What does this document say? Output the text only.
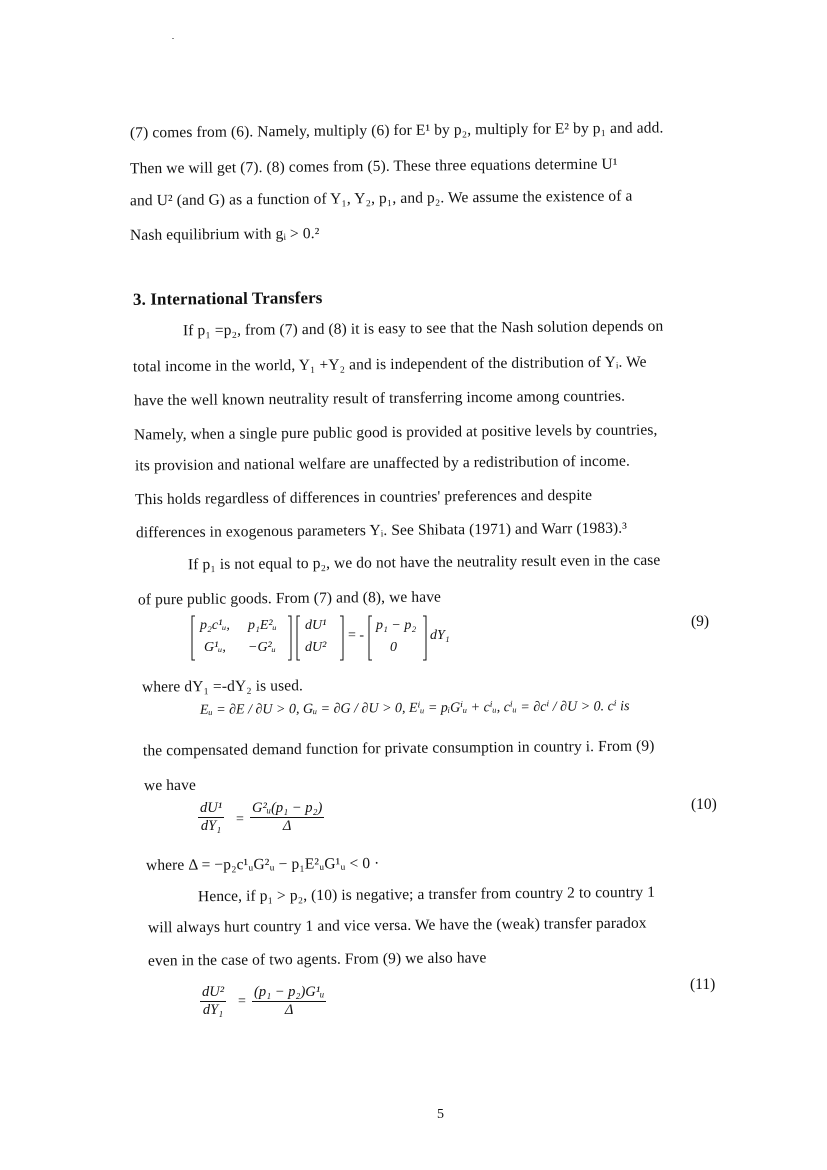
(7) comes from (6). Namely, multiply (6) for E¹ by p₂, multiply for E² by p₁ and add.
Then we will get (7). (8) comes from (5). These three equations determine U¹
and U² (and G) as a function of Y₁, Y₂, p₁, and p₂. We assume the existence of a
Nash equilibrium with gᵢ > 0.²
3. International Transfers
If p₁ =p₂, from (7) and (8) it is easy to see that the Nash solution depends on
total income in the world, Y₁ +Y₂ and is independent of the distribution of Yᵢ. We
have the well known neutrality result of transferring income among countries.
Namely, when a single pure public good is provided at positive levels by countries,
its provision and national welfare are unaffected by a redistribution of income.
This holds regardless of differences in countries' preferences and despite
differences in exogenous parameters Yᵢ. See Shibata (1971) and Warr (1983).³
If p₁ is not equal to p₂, we do not have the neutrality result even in the case
of pure public goods. From (7) and (8), we have
p₂c¹ᵤ, p₁E²ᵤ
G¹ᵤ, −G²ᵤ
dU¹
dU²
= -
p₁ − p₂
0
dY₁
(9)
where dY₁ =-dY₂ is used.
Eᵤ = ∂E / ∂U > 0, Gᵤ = ∂G / ∂U > 0, Eⁱᵤ = pᵢGⁱᵤ + cⁱᵤ, cⁱᵤ = ∂cⁱ / ∂U > 0. cⁱ is
the compensated demand function for private consumption in country i. From (9)
we have
$\frac{\text{dU¹}}{\text{dY₁}} = \frac{\text{G²ᵤ(p₁ − p₂)}}{\Delta}$	(10)
where Δ = −p₂c¹ᵤG²ᵤ − p₁E²ᵤG¹ᵤ < 0 ·
Hence, if p₁ > p₂, (10) is negative; a transfer from country 2 to country 1
will always hurt country 1 and vice versa. We have the (weak) transfer paradox
even in the case of two agents. From (9) we also have
$\frac{\text{dU²}}{\text{dY₁}} = \frac{\text{(p₁ − p₂)G¹ᵤ}}{\Delta}$	(11)
5
